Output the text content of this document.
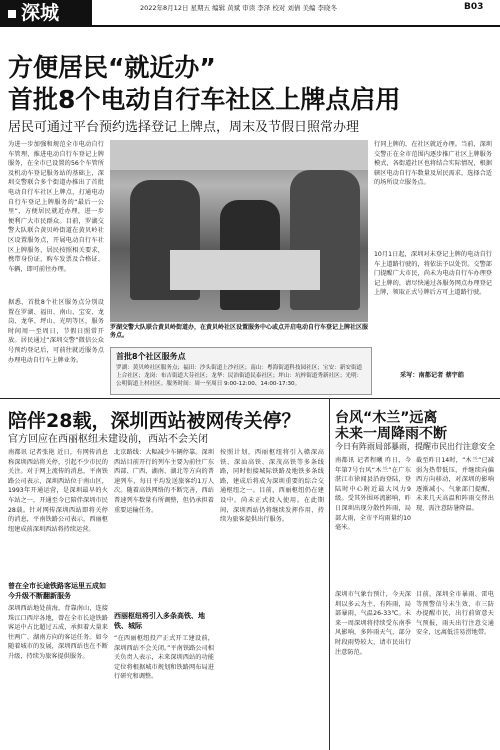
深城	2022年8月12日 星期五 编辑 黄斌 审读 李泽 校对 刘倩 美编 李晓冬	B03
方便居民“就近办”
首批8个电动自行车社区上牌点启用
居民可通过平台预约选择登记上牌点，周末及节假日照常办理
为进一步加强和规范全市电动自行车管理，推进电动自行车登记上牌服务，在全市已设置的56个车管所及机动车登记服务站的基础上，深圳交警联合多个街道办推出了首批电动自行车社区上牌点，打通电动自行车登记上牌服务的“最后一公里”，方便居民就近办理，进一步便利广大市民群众。目前，罗湖交警大队联合黄贝岭街道在黄贝岭社区设置服务点，开展电动自行车社区上牌服务，居民按照相关要求，携带身份证、购车发票及合格证、车辆，即可前往办理。
据悉，首批8个社区服务点分别设置在罗湖、福田、南山、宝安、龙岗、龙华、坪山、光明等区，服务时间周一至周日，节假日照常开放。居民通过“深圳交警”微信公众号预约登记后，可前往就近服务点办理电动自行车上牌业务。
罗湖交警大队联合黄贝岭街道办，在黄贝岭社区设置服务中心或点开启电动自行车登记上牌社区服务点。
首批8个社区服务点
罗湖：黄贝岭社区服务点；福田：沙头街道上沙社区；南山：粤海街道科技园社区；宝安：新安街道上合社区；龙岗：布吉街道大芬社区；龙华：民治街道民泰社区；坪山：坑梓街道秀新社区；光明：公明街道上村社区。服务时间：周一至周日 9:00-12:00、14:00-17:30。
行同上牌的，在社区就近办理。当前，深圳交警正在全市范围内逐步推广社区上牌服务模式，各街道社区也将结合实际情况，根据辖区电动自行车数量及居民需求，选择合适的场所设立服务点。
10月1日起，深圳对未登记上牌的电动自行车上道路行驶的，将依法予以处罚。交警部门提醒广大市民，尚未为电动自行车办理登记上牌的，请尽快通过各服务网点办理登记上牌，领取正式号牌后方可上道路行驶。
采写：南都记者 蔡宇皓
陪伴28载，深圳西站被网传关停？
官方回应在西丽枢纽未建设前，西站不会关闭
南都讯 记者张艳 近日，有网传消息称深圳西站将关停，引起不少市民的关注。对于网上流传的消息，平南铁路公司表示，深圳西站位于南山区，1993年开通运营，是深圳最早的火车站之一，开通至今已陪伴深圳市民28载。针对网传深圳西站即将关停的消息，平南铁路公司表示，西丽枢纽建成前深圳西站将持续运营。
曾在全市长途铁路客运里五成如今升级不断翻新服务
深圳西站地处前海，背靠南山，连接珠江口西岸各地，曾在全市长途铁路客运中占比超过五成，承担着大量来往两广、湖南方向的客运任务。如今随着城市的发展，深圳西站也在不断升级，持续为旅客提供服务。
北京路线：大幅减少车辆停靠。深圳西站目前开行的列车主要为前往广东西部、广西、湖南、湖北等方向的普速列车，每日平均发送旅客约1万人次。随着高铁网络的不断完善，西站普速列车数量有所调整，但仍承担着重要运输任务。
西丽枢纽将引入多条高铁、地铁、城际
“在西丽枢纽投产正式开工建设前，深圳西站不会关闭。”平南铁路公司相关负责人表示，未来深圳西站的功能定位将根据城市规划和铁路网布局进行研究和调整。
按照计划，西丽枢纽将引入赣深高铁、深汕高铁、深茂高铁等多条线路，同时衔接城际铁路及地铁多条线路，建成后将成为深圳重要的综合交通枢纽之一。目前，西丽枢纽仍在建设中，尚未正式投入使用。在此期间，深圳西站仍将继续发挥作用，持续为旅客提供出行服务。
台风“木兰”远离
未来一周降雨不断
今日有阵雨局部暴雨，提醒市民出行注意安全
南都讯 记者程曦 昨日，今年第7号台风“木兰”在广东湛江市徐闻县沿海登陆，登陆时中心附近最大风力9级。受其外围环流影响，昨日深圳出现分散性阵雨，局部大雨，全市平均雨量约10毫米。
深圳市气象台预计，今天深圳以多云为主，有阵雨，局部暴雨，气温26-33℃。未来一周深圳将持续受东南季风影响，多阵雨天气，部分时段雨势较大，请市民出行注意防范。
截至昨日14时，“木兰”已减弱为热带低压，并继续向偏西方向移动，对深圳的影响逐渐减小。气象部门提醒，未来几天高温和阵雨交替出现，需注意防暑降温。
目前，深圳全市暴雨、雷电等预警信号未生效，市三防办提醒市民，出行前留意天气预报，雨天出行注意交通安全，远离低洼易涝地带。
